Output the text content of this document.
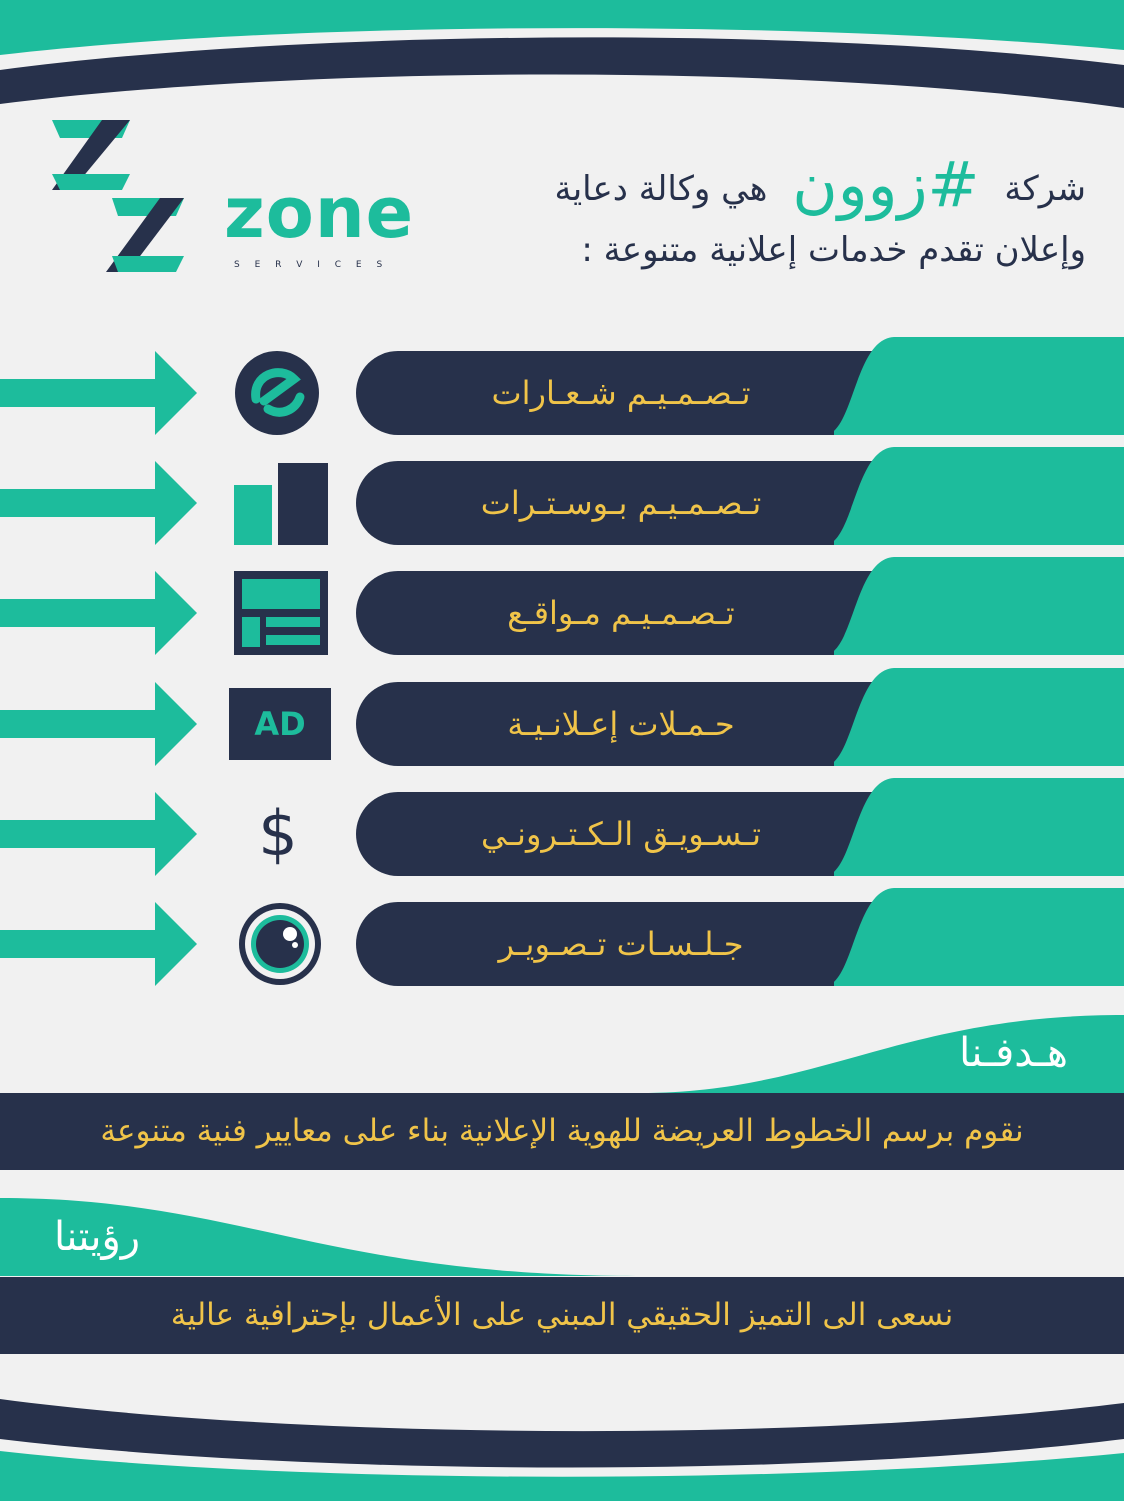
zone
S E R V I C E S
شركة #زوون هي وكالة دعاية
وإعلان تقدم خدمات إعلانية متنوعة :
تـصـمـيـم شـعـارات
تـصـمـيـم بـوسـتـرات
تـصـمـيـم مـواقـع
AD	حـمـلات إعـلانـيـة
$	تـسـويـق الـكـتـرونـي
جـلـسـات تـصـويـر
هـدفـنا
نقوم برسم الخطوط العريضة للهوية الإعلانية بناء على معايير فنية متنوعة
رؤيتنا
نسعى الى التميز الحقيقي المبني على الأعمال بإحترافية عالية
